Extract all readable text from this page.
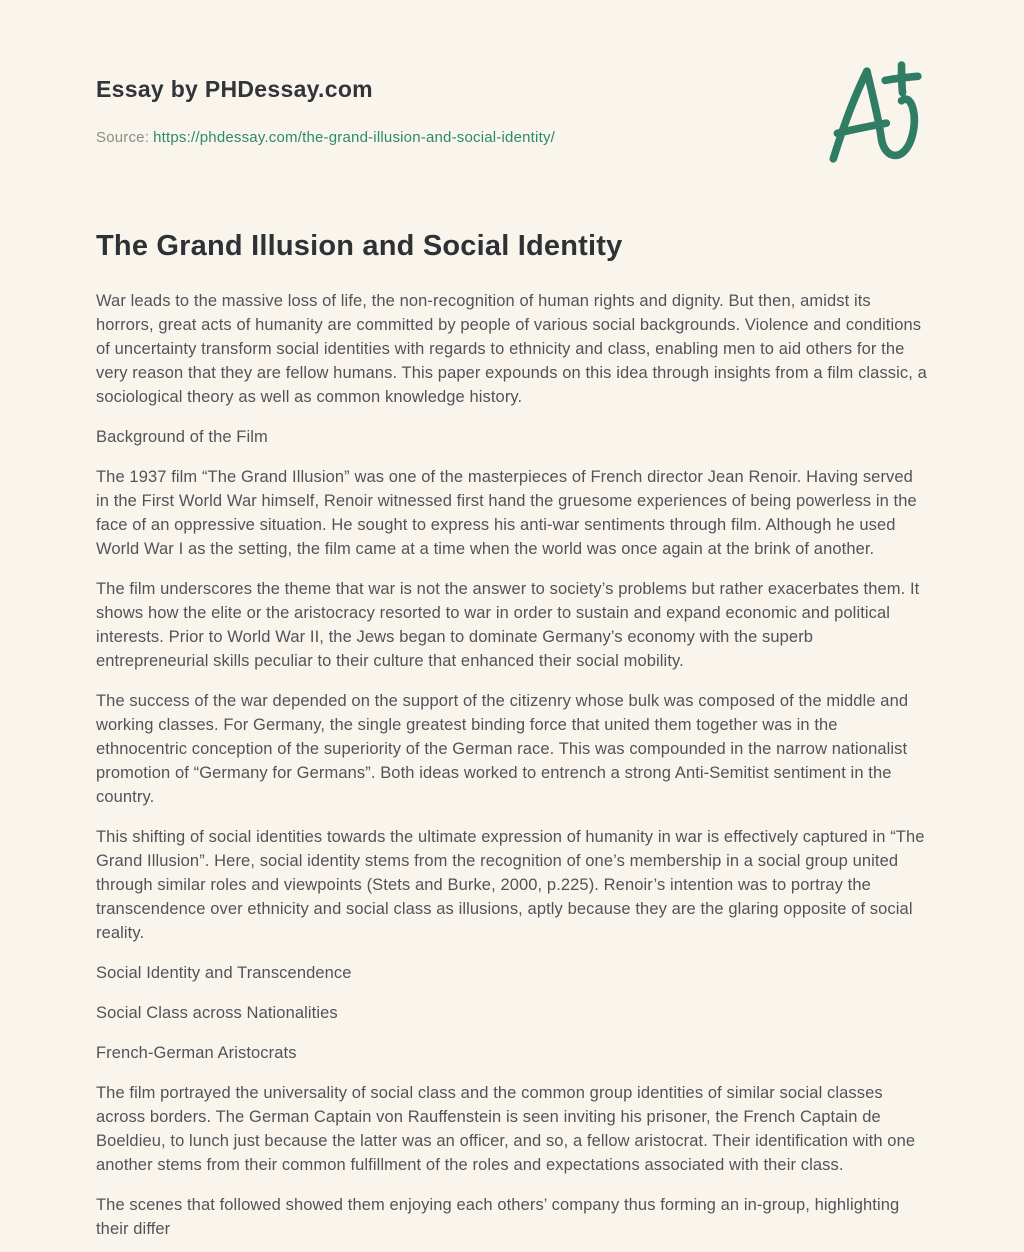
Essay by PHDessay.com
Source: https://phdessay.com/the-grand-illusion-and-social-identity/
The Grand Illusion and Social Identity

War leads to the massive loss of life, the non-recognition of human rights and dignity. But then, amidst its horrors, great acts of humanity are committed by people of various social backgrounds. Violence and conditions of uncertainty transform social identities with regards to ethnicity and class, enabling men to aid others for the very reason that they are fellow humans. This paper expounds on this idea through insights from a film classic, a sociological theory as well as common knowledge history.

Background of the Film

The 1937 film “The Grand Illusion” was one of the masterpieces of French director Jean Renoir. Having served in the First World War himself, Renoir witnessed first hand the gruesome experiences of being powerless in the face of an oppressive situation. He sought to express his anti-war sentiments through film. Although he used World War I as the setting, the film came at a time when the world was once again at the brink of another.

The film underscores the theme that war is not the answer to society’s problems but rather exacerbates them. It shows how the elite or the aristocracy resorted to war in order to sustain and expand economic and political interests. Prior to World War II, the Jews began to dominate Germany’s economy with the superb entrepreneurial skills peculiar to their culture that enhanced their social mobility.

The success of the war depended on the support of the citizenry whose bulk was composed of the middle and working classes. For Germany, the single greatest binding force that united them together was in the ethnocentric conception of the superiority of the German race. This was compounded in the narrow nationalist promotion of “Germany for Germans”. Both ideas worked to entrench a strong Anti-Semitist sentiment in the country.

This shifting of social identities towards the ultimate expression of humanity in war is effectively captured in “The Grand Illusion”. Here, social identity stems from the recognition of one’s membership in a social group united through similar roles and viewpoints (Stets and Burke, 2000, p.225). Renoir’s intention was to portray the transcendence over ethnicity and social class as illusions, aptly because they are the glaring opposite of social reality.

Social Identity and Transcendence

Social Class across Nationalities

French-German Aristocrats

The film portrayed the universality of social class and the common group identities of similar social classes across borders. The German Captain von Rauffenstein is seen inviting his prisoner, the French Captain de Boeldieu, to lunch just because the latter was an officer, and so, a fellow aristocrat. Their identification with one another stems from their common fulfillment of the roles and expectations associated with their class.

The scenes that followed showed them enjoying each others’ company thus forming an in-group, highlighting their differ
